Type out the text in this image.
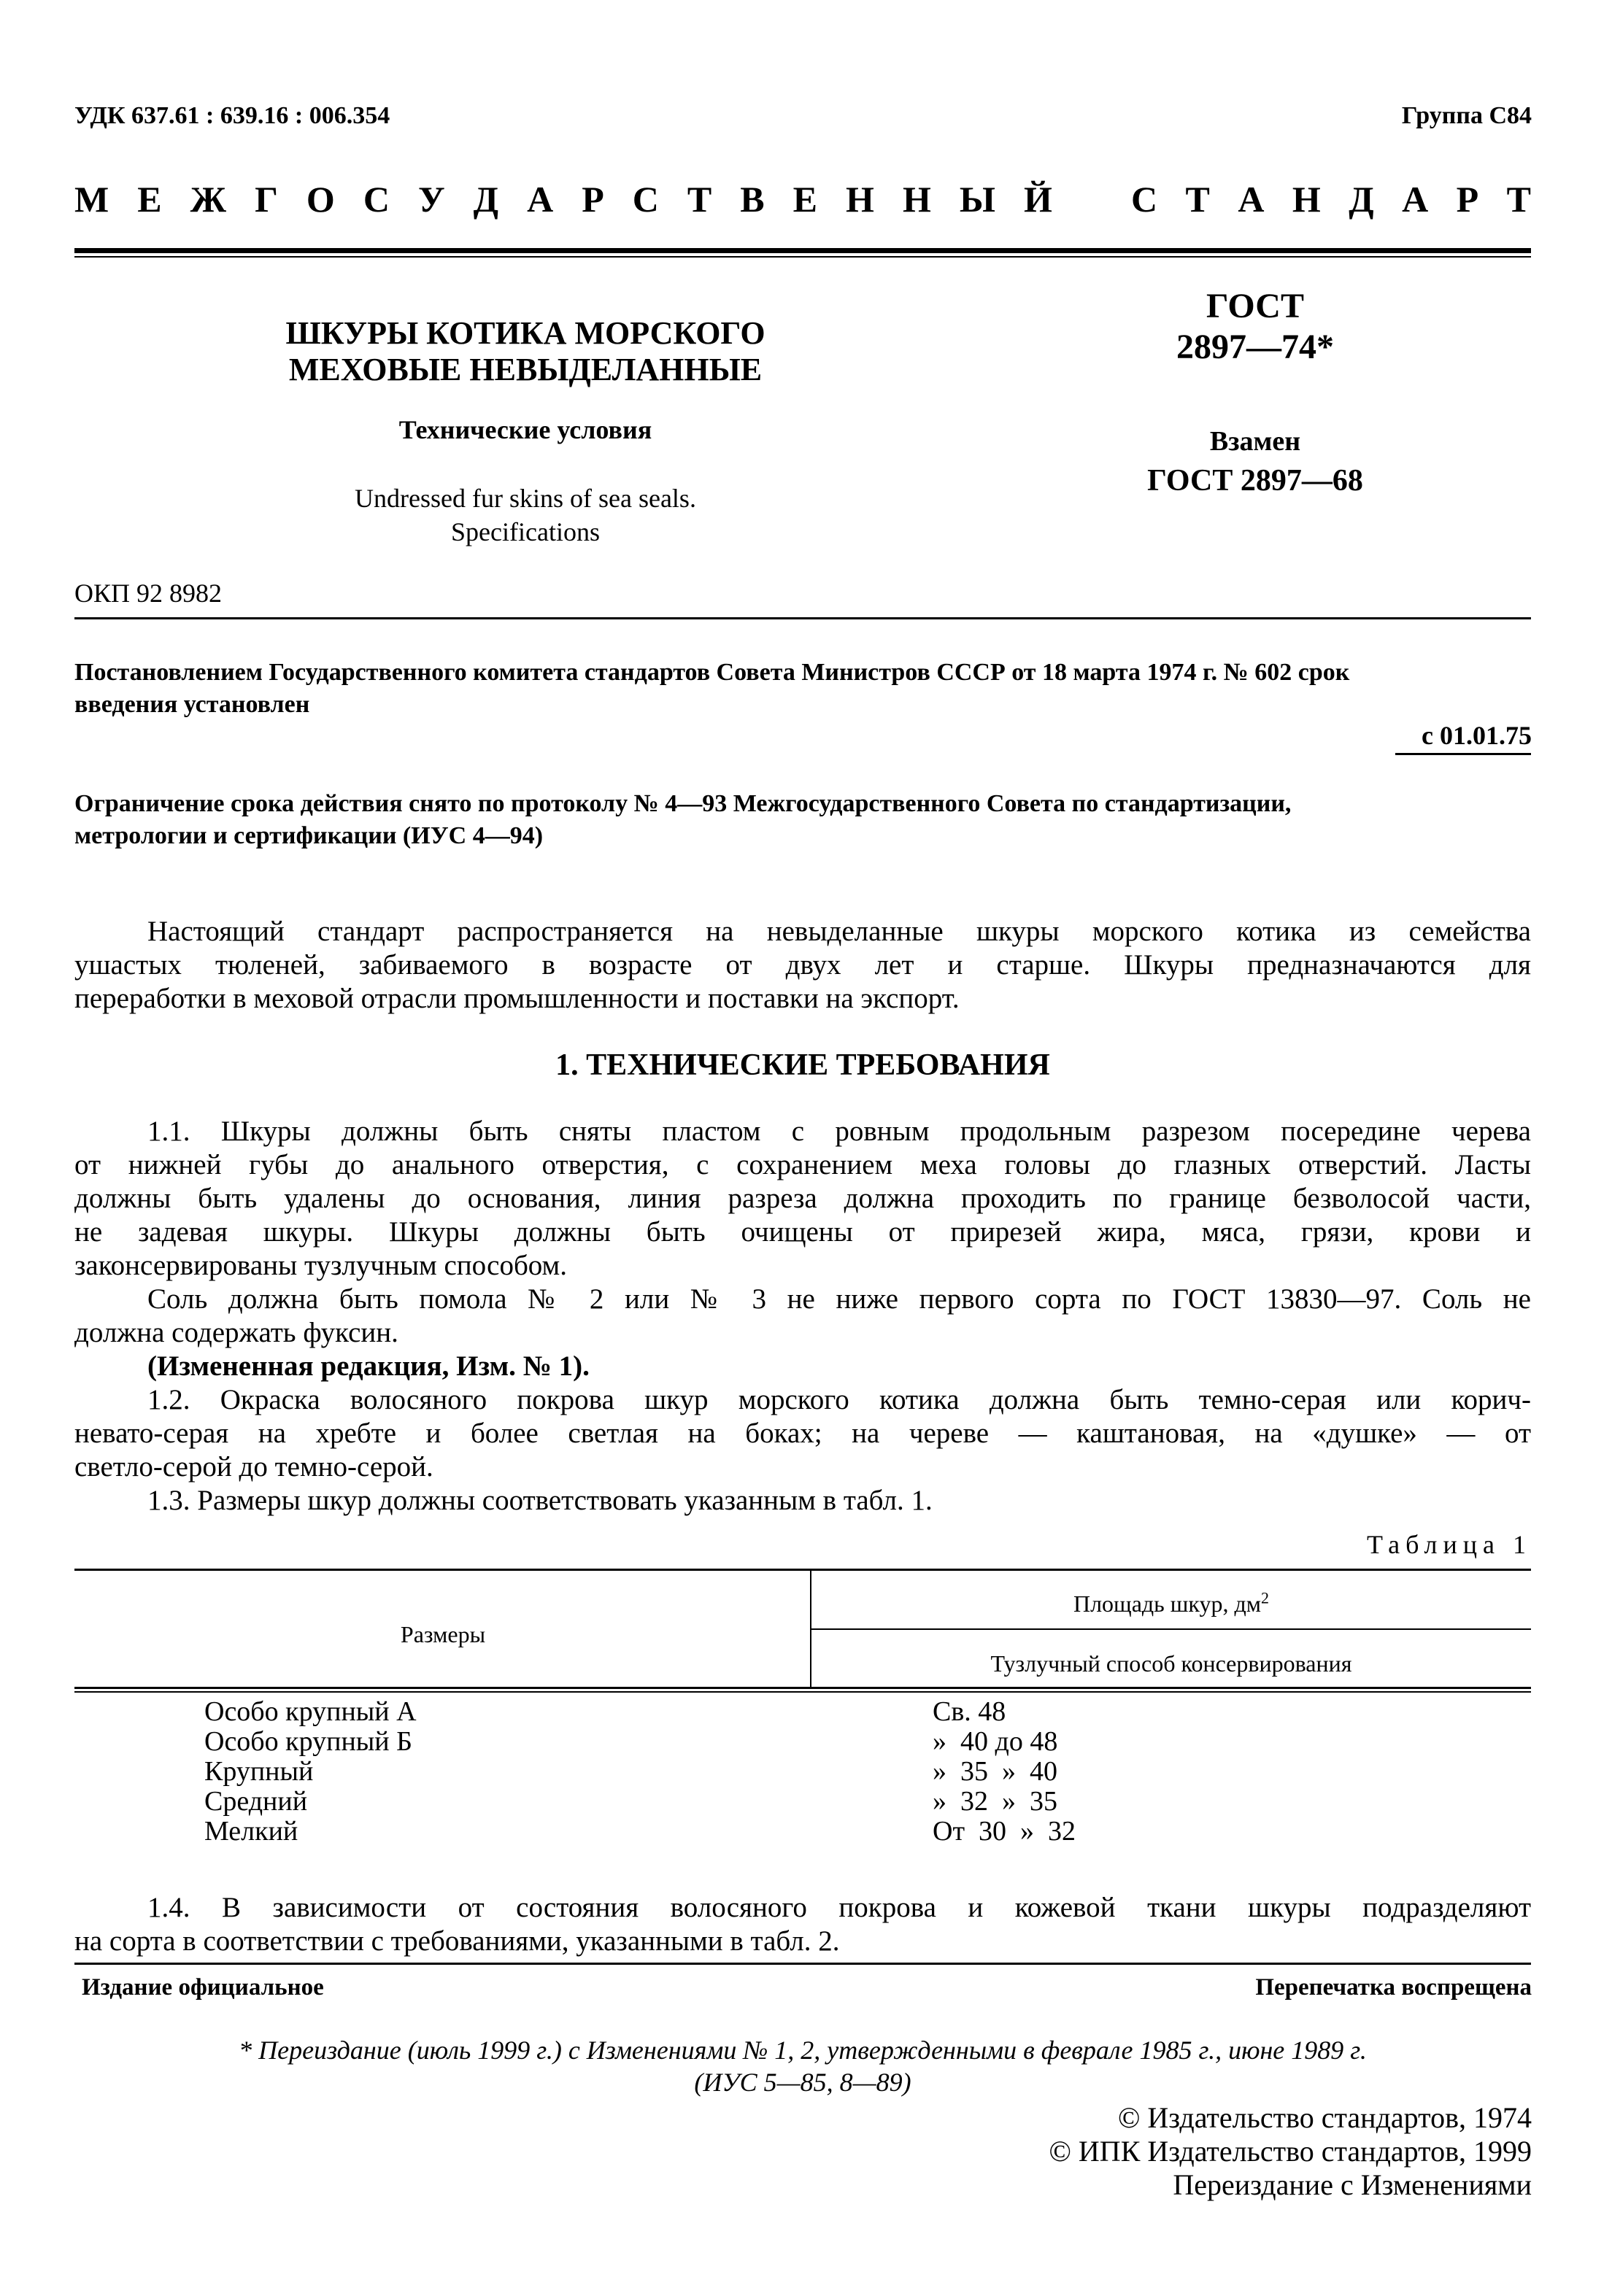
УДК 637.61 : 639.16 : 006.354	Группа С84
М Е Ж Г О С У Д А Р С Т В Е Н Н Ы Й С Т А Н Д А Р Т
ШКУРЫ КОТИКА МОРСКОГО
МЕХОВЫЕ НЕВЫДЕЛАННЫЕ
Технические условия
Undressed fur skins of sea seals.
Specifications
ГОСТ
2897—74*
Взамен
ГОСТ 2897—68
ОКП 92 8982
Постановлением Государственного комитета стандартов Совета Министров СССР от 18 марта 1974 г. № 602 срок
введения установлен
с 01.01.75
Ограничение срока действия снято по протоколу № 4—93 Межгосударственного Совета по стандартизации,
метрологии и сертификации (ИУС 4—94)
Настоящий стандарт распространяется на невыделанные шкуры морского котика из семейства
ушастых тюленей, забиваемого в возрасте от двух лет и старше. Шкуры предназначаются для
переработки в меховой отрасли промышленности и поставки на экспорт.
1. ТЕХНИЧЕСКИЕ ТРЕБОВАНИЯ
1.1. Шкуры должны быть сняты пластом с ровным продольным разрезом посередине черева
от нижней губы до анального отверстия, с сохранением меха головы до глазных отверстий. Ласты
должны быть удалены до основания, линия разреза должна проходить по границе безволосой части,
не задевая шкуры. Шкуры должны быть очищены от прирезей жира, мяса, грязи, крови и
законсервированы тузлучным способом.
Соль должна быть помола № 2 или № 3 не ниже первого сорта по ГОСТ 13830—97. Соль не
должна содержать фуксин.
(Измененная редакция, Изм. № 1).
1.2. Окраска волосяного покрова шкур морского котика должна быть темно-серая или корич-
невато-серая на хребте и более светлая на боках; на череве — каштановая, на «душке» — от
светло-серой до темно-серой.
1.3. Размеры шкур должны соответствовать указанным в табл. 1.
Таблица 1
Размеры
Площадь шкур, $дм^2$
Тузлучный способ консервирования
Особо крупный А
Особо крупный Б
Крупный
Средний
Мелкий
Св. 48
»  40 до 48
»  35  »  40
»  32  »  35
От  30  »  32
1.4. В зависимости от состояния волосяного покрова и кожевой ткани шкуры подразделяют
на сорта в соответствии с требованиями, указанными в табл. 2.
Издание официальное	Перепечатка воспрещена
* Переиздание (июль 1999 г.) с Изменениями № 1, 2, утвержденными в феврале 1985 г., июне 1989 г.
(ИУС 5—85, 8—89)
© Издательство стандартов, 1974
© ИПК Издательство стандартов, 1999
Переиздание с Изменениями
